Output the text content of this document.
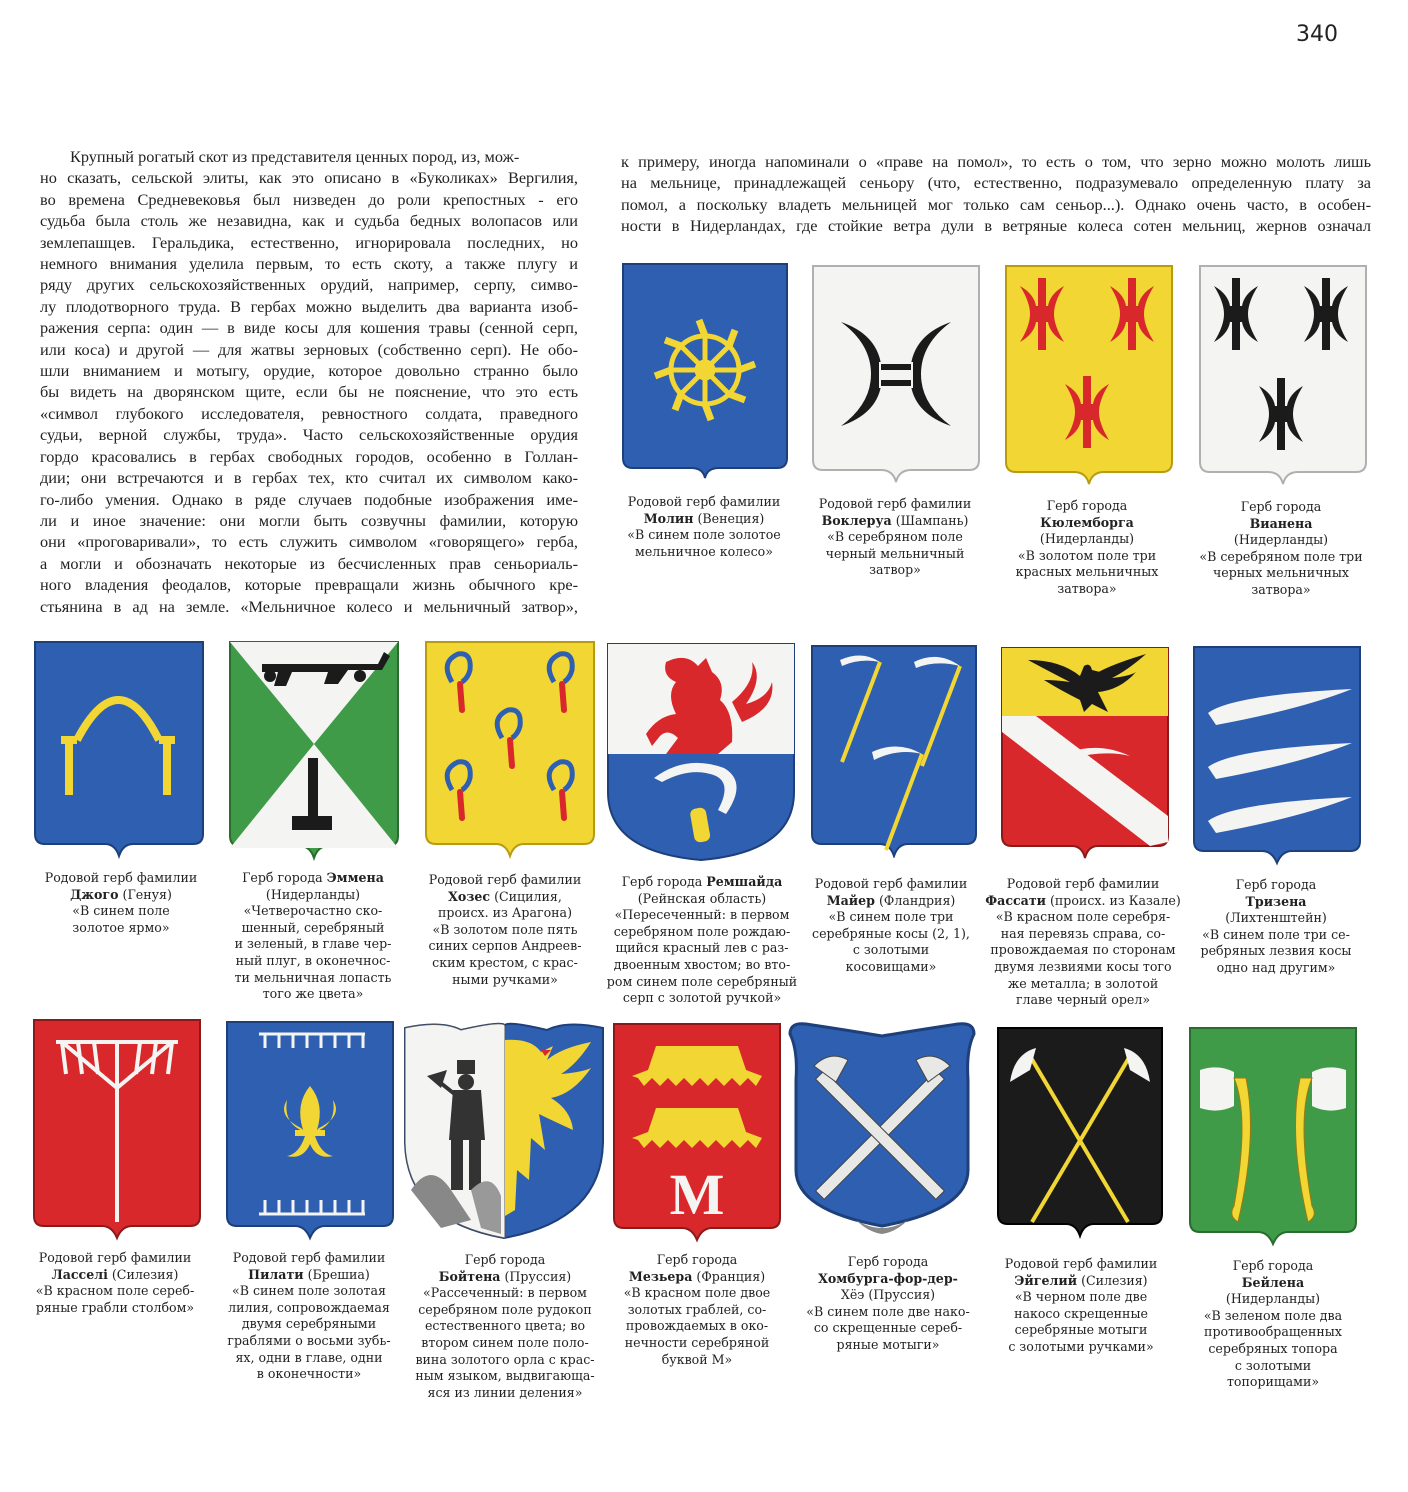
340

Крупный рогатый скот из представителя ценных пород, из, мож-

но сказать, сельской элиты, как это описано в «Буколиках» Вергилия,

во времена Средневековья был низведен до роли крепостных - его

судьба была столь же незавидна, как и судьба бедных волопасов или

землепашцев. Геральдика, естественно, игнорировала последних, но

немного внимания уделила первым, то есть скоту, а также плугу и

ряду других сельскохозяйственных орудий, например, серпу, симво-

лу плодотворного труда. В гербах можно выделить два варианта изоб-

ражения серпа: один — в виде косы для кошения травы (сенной серп,

или коса) и другой — для жатвы зерновых (собственно серп). Не обо-

шли вниманием и мотыгу, орудие, которое довольно странно было

бы видеть на дворянском щите, если бы не пояснение, что это есть

«символ глубокого исследователя, ревностного солдата, праведного

судьи, верной службы, труда». Часто сельскохозяйственные орудия

гордо красовались в гербах свободных городов, особенно в Голлан-

дии; они встречаются и в гербах тех, кто считал их символом како-

го-либо умения. Однако в ряде случаев подобные изображения име-

ли и иное значение: они могли быть созвучны фамилии, которую

они «проговаривали», то есть служить символом «говорящего» герба,

а могли и обозначать некоторые из бесчисленных прав сеньориаль-

ного владения феодалов, которые превращали жизнь обычного кре-

стьянина в ад на земле. «Мельничное колесо и мельничный затвор»,

к примеру, иногда напоминали о «праве на помол», то есть о том, что зерно можно молоть лишь

на мельнице, принадлежащей сеньору (что, естественно, подразумевало определенную плату за

помол, а поскольку владеть мельницей мог только сам сеньор...). Однако очень часто, в особен-

ности в Нидерландах, где стойкие ветра дули в ветряные колеса сотен мельниц, жернов означал

Родовой герб фамилии
Молин (Венеция)
«В синем поле золотое
мельничное колесо»
Родовой герб фамилии
Воклеруа (Шампань)
«В серебряном поле
черный мельничный
затвор»
Герб города
Кюлемборга
(Нидерланды)
«В золотом поле три
красных мельничных
затвора»
Герб города
Вианена
(Нидерланды)
«В серебряном поле три
черных мельничных
затвора»
Родовой герб фамилии
Джого (Генуя)
«В синем поле
золотое ярмо»
Герб города Эммена
(Нидерланды)
«Четверочастно ско-
шенный, серебряный
и зеленый, в главе чер-
ный плуг, в оконечнос-
ти мельничная лопасть
того же цвета»
Родовой герб фамилии
Хозес (Сицилия,
происх. из Арагона)
«В золотом поле пять
синих серпов Андреев-
ским крестом, с крас-
ными ручками»
Герб города Ремшайда
(Рейнская область)
«Пересеченный: в первом
серебряном поле рождаю-
щийся красный лев с раз-
двоенным хвостом; во вто-
ром синем поле серебряный
серп с золотой ручкой»
Родовой герб фамилии
Майер (Фландрия)
«В синем поле три
серебряные косы (2, 1),
с золотыми
косовищами»
Родовой герб фамилии
Фассати (происх. из Казале)
«В красном поле серебря-
ная перевязь справа, со-
провождаемая по сторонам
двумя лезвиями косы того
же металла; в золотой
главе черный орел»
Герб города
Тризена
(Лихтенштейн)
«В синем поле три се-
ребряных лезвия косы
одно над другим»
M
Родовой герб фамилии
Ласселi (Силезия)
«В красном поле сереб-
ряные грабли столбом»
Родовой герб фамилии
Пилати (Брешиа)
«В синем поле золотая
лилия, сопровождаемая
двумя серебряными
граблями о восьми зубь-
ях, одни в главе, одни
в оконечности»
Герб города
Бойтена (Пруссия)
«Рассеченный: в первом
серебряном поле рудокоп
естественного цвета; во
втором синем поле поло-
вина золотого орла с крас-
ным языком, выдвигающа-
яся из линии деления»
Герб города
Мезьера (Франция)
«В красном поле двое
золотых граблей, со-
провождаемых в око-
нечности серебряной
буквой М»
Герб города
Хомбурга-фор-дер-
Хёэ (Пруссия)
«В синем поле две нако-
со скрещенные сереб-
ряные мотыги»
Родовой герб фамилии
Эйгелий (Силезия)
«В черном поле две
накосо скрещенные
серебряные мотыги
с золотыми ручками»
Герб города
Бейлена
(Нидерланды)
«В зеленом поле два
противообращенных
серебряных топора
с золотыми
топорищами»
